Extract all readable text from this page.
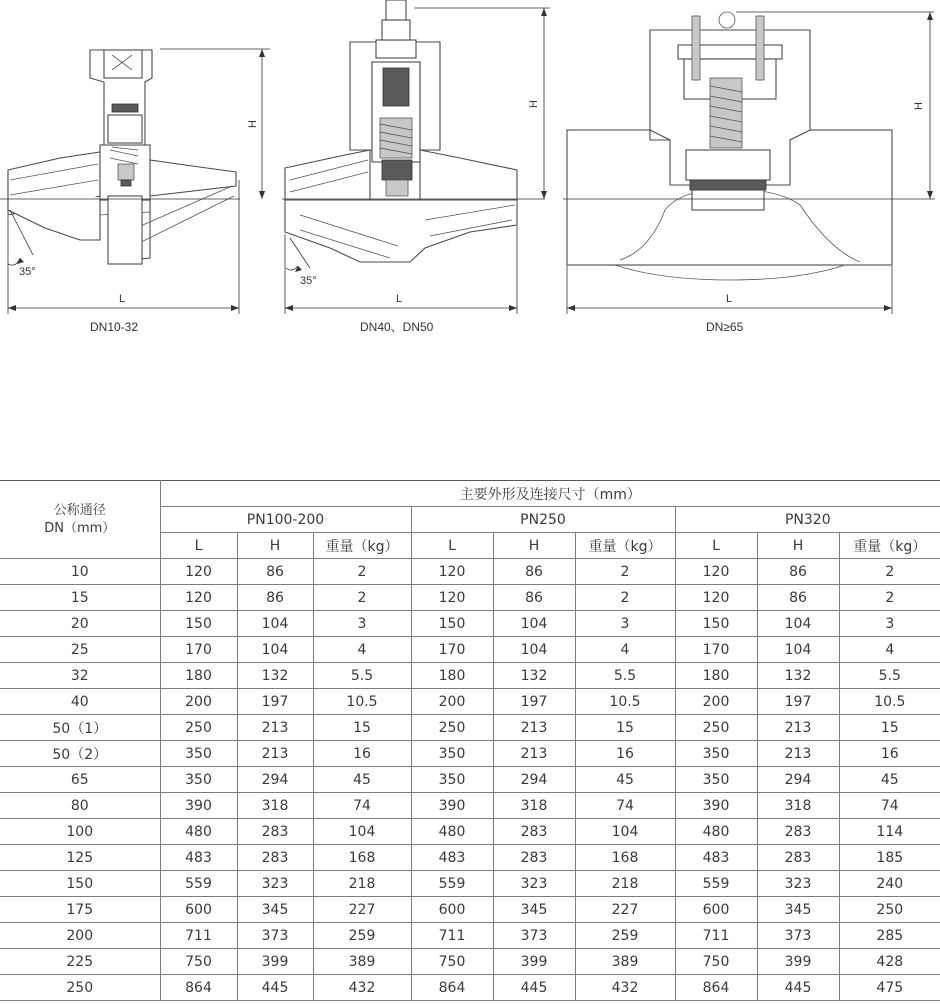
35°
H
L
DN10-32
35°
H
L
DN40、DN50
H
L
DN≥65
公称通径
DN（mm）	主要外形及连接尺寸（mm）								
	PN100-200			PN250			PN320		
	L	H	重量（kg）	L	H	重量（kg）	L	H	重量（kg）
10	120	86	2	120	86	2	120	86	2
15	120	86	2	120	86	2	120	86	2
20	150	104	3	150	104	3	150	104	3
25	170	104	4	170	104	4	170	104	4
32	180	132	5.5	180	132	5.5	180	132	5.5
40	200	197	10.5	200	197	10.5	200	197	10.5
50（1）	250	213	15	250	213	15	250	213	15
50（2）	350	213	16	350	213	16	350	213	16
65	350	294	45	350	294	45	350	294	45
80	390	318	74	390	318	74	390	318	74
100	480	283	104	480	283	104	480	283	114
125	483	283	168	483	283	168	483	283	185
150	559	323	218	559	323	218	559	323	240
175	600	345	227	600	345	227	600	345	250
200	711	373	259	711	373	259	711	373	285
225	750	399	389	750	399	389	750	399	428
250	864	445	432	864	445	432	864	445	475
